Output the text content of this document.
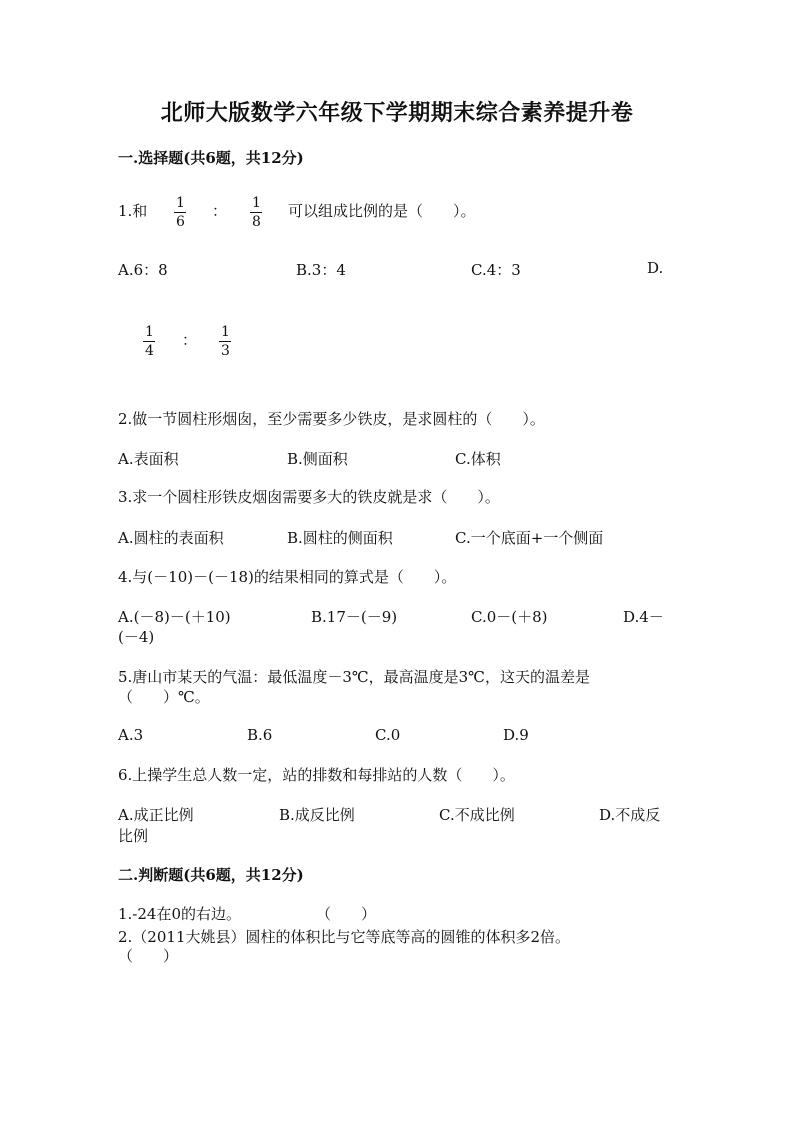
北师大版数学六年级下学期期末综合素养提升卷
一.选择题(共6题，共12分)
1.和 1
6
： 1
8
可以组成比例的是（　　）。
A.6：8	B.3：4	C.4：3	D.
1
4
： 1
3
2.做一节圆柱形烟囱，至少需要多少铁皮，是求圆柱的（　　）。
A.表面积	B.侧面积	C.体积
3.求一个圆柱形铁皮烟囱需要多大的铁皮就是求（　　）。
A.圆柱的表面积	B.圆柱的侧面积	C.一个底面+一个侧面
4.与(－10)－(－18)的结果相同的算式是（　　）。
A.(－8)－(＋10)	B.17－(－9)	C.0－(＋8)	D.4－
(－4)
5.唐山市某天的气温：最低温度－3℃，最高温度是3℃，这天的温差是
（　　）℃。
A.3	B.6	C.0	D.9
6.上操学生总人数一定，站的排数和每排站的人数（　　）。
A.成正比例	B.成反比例	C.不成比例	D.不成反
比例
二.判断题(共6题，共12分)
1.-24在0的右边。　　　　　　（　　）
2.（2011大姚县）圆柱的体积比与它等底等高的圆锥的体积多2倍。
（　　）
